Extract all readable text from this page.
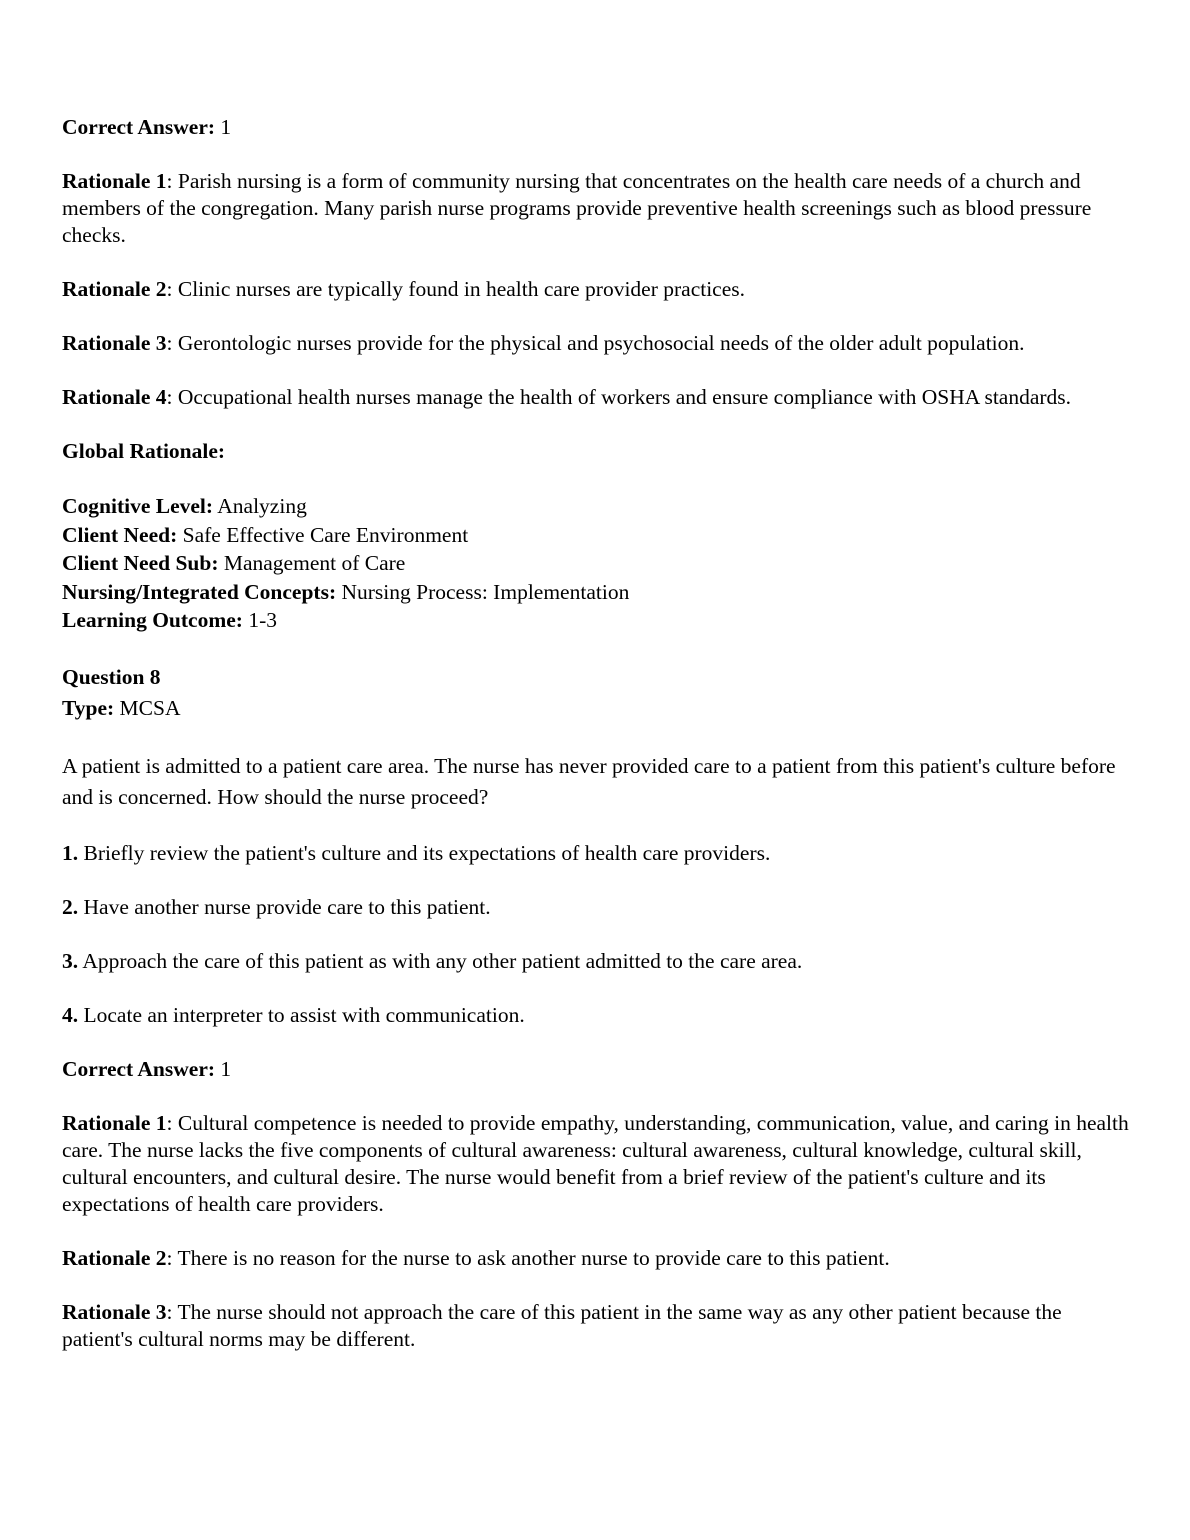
Correct Answer: 1

Rationale 1: Parish nursing is a form of community nursing that concentrates on the health care needs of a church and members of the congregation. Many parish nurse programs provide preventive health screenings such as blood pressure checks.

Rationale 2: Clinic nurses are typically found in health care provider practices.

Rationale 3: Gerontologic nurses provide for the physical and psychosocial needs of the older adult population.

Rationale 4: Occupational health nurses manage the health of workers and ensure compliance with OSHA standards.

Global Rationale:

Cognitive Level: Analyzing

Client Need: Safe Effective Care Environment

Client Need Sub: Management of Care

Nursing/Integrated Concepts: Nursing Process: Implementation

Learning Outcome: 1-3

Question 8

Type: MCSA

A patient is admitted to a patient care area. The nurse has never provided care to a patient from this patient's culture before and is concerned. How should the nurse proceed?

1. Briefly review the patient's culture and its expectations of health care providers.

2. Have another nurse provide care to this patient.

3. Approach the care of this patient as with any other patient admitted to the care area.

4. Locate an interpreter to assist with communication.

Correct Answer: 1

Rationale 1: Cultural competence is needed to provide empathy, understanding, communication, value, and caring in health care. The nurse lacks the five components of cultural awareness: cultural awareness, cultural knowledge, cultural skill, cultural encounters, and cultural desire. The nurse would benefit from a brief review of the patient's culture and its expectations of health care providers.

Rationale 2: There is no reason for the nurse to ask another nurse to provide care to this patient.

Rationale 3: The nurse should not approach the care of this patient in the same way as any other patient because the patient's cultural norms may be different.
